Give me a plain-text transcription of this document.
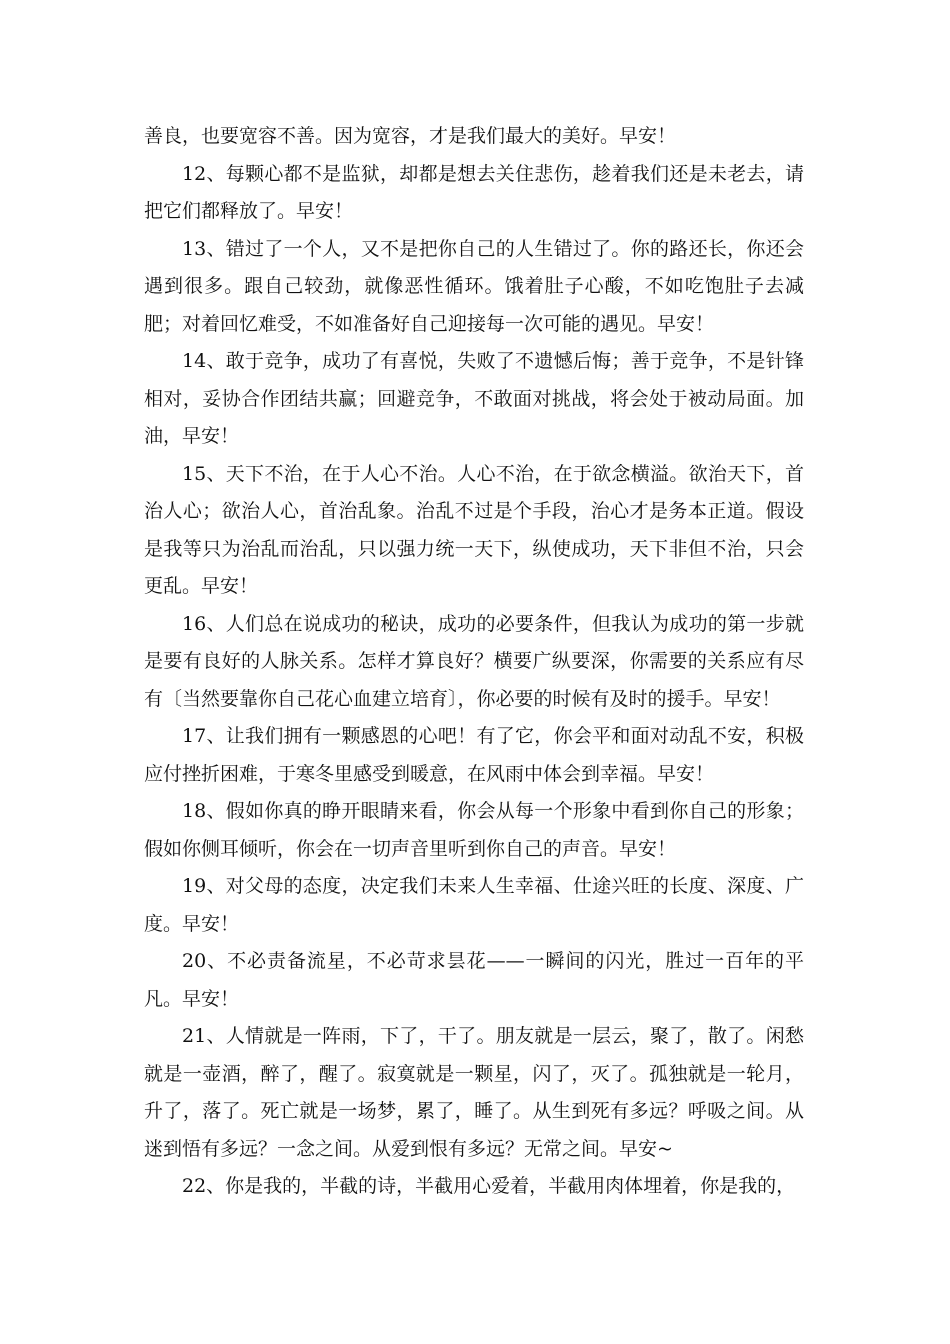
善良，也要宽容不善。因为宽容，才是我们最大的美好。早安！

12、每颗心都不是监狱，却都是想去关住悲伤，趁着我们还是未老去，请把它们都释放了。早安！

13、错过了一个人，又不是把你自己的人生错过了。你的路还长，你还会遇到很多。跟自己较劲，就像恶性循环。饿着肚子心酸，不如吃饱肚子去减肥；对着回忆难受，不如准备好自己迎接每一次可能的遇见。早安！

14、敢于竞争，成功了有喜悦，失败了不遗憾后悔；善于竞争，不是针锋相对，妥协合作团结共赢；回避竞争，不敢面对挑战，将会处于被动局面。加油，早安！

15、天下不治，在于人心不治。人心不治，在于欲念横溢。欲治天下，首治人心；欲治人心，首治乱象。治乱不过是个手段，治心才是务本正道。假设是我等只为治乱而治乱，只以强力统一天下，纵使成功，天下非但不治，只会更乱。早安！

16、人们总在说成功的秘诀，成功的必要条件，但我认为成功的第一步就是要有良好的人脉关系。怎样才算良好？横要广纵要深，你需要的关系应有尽有〔当然要靠你自己花心血建立培育〕，你必要的时候有及时的援手。早安！

17、让我们拥有一颗感恩的心吧！有了它，你会平和面对动乱不安，积极应付挫折困难，于寒冬里感受到暖意，在风雨中体会到幸福。早安！

18、假如你真的睁开眼睛来看，你会从每一个形象中看到你自己的形象；假如你侧耳倾听，你会在一切声音里听到你自己的声音。早安！

19、对父母的态度，决定我们未来人生幸福、仕途兴旺的长度、深度、广度。早安！

20、不必责备流星，不必苛求昙花——一瞬间的闪光，胜过一百年的平凡。早安！

21、人情就是一阵雨，下了，干了。朋友就是一层云，聚了，散了。闲愁就是一壶酒，醉了，醒了。寂寞就是一颗星，闪了，灭了。孤独就是一轮月，升了，落了。死亡就是一场梦，累了，睡了。从生到死有多远？呼吸之间。从迷到悟有多远？一念之间。从爱到恨有多远？无常之间。早安~

22、你是我的，半截的诗，半截用心爱着，半截用肉体埋着，你是我的，
